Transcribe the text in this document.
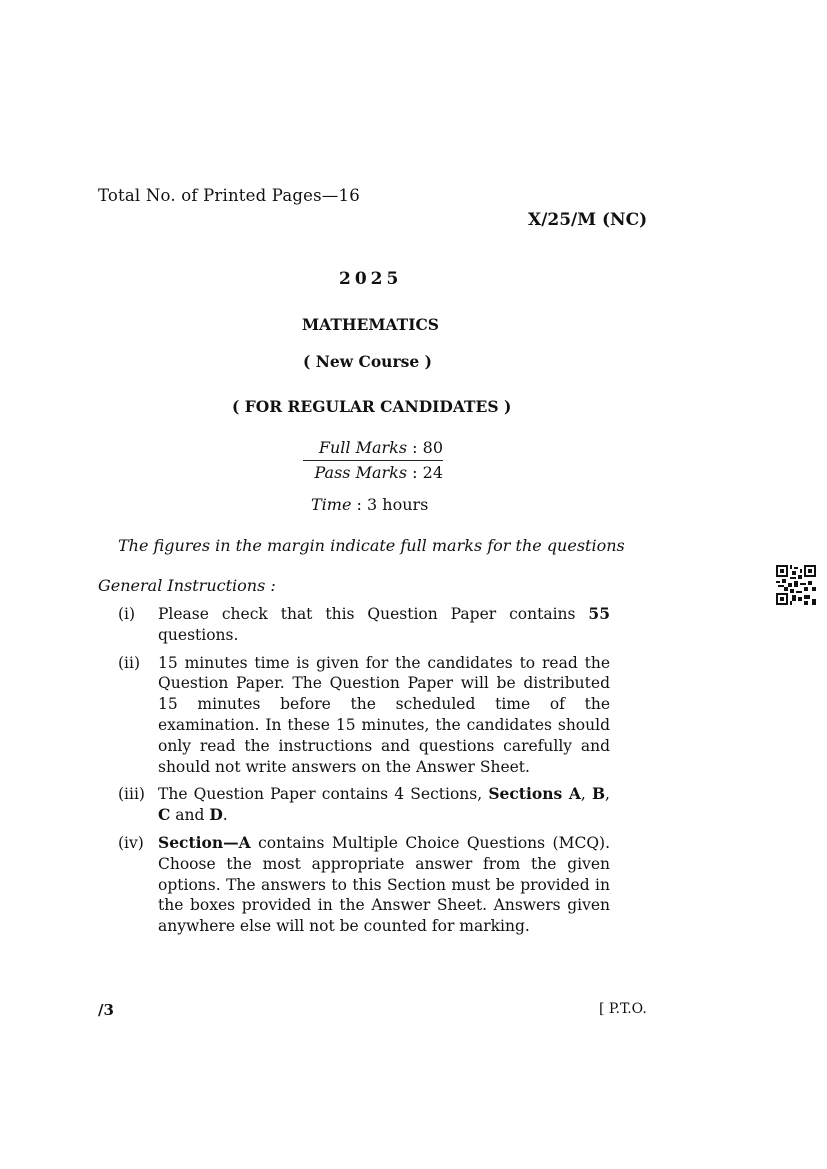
Total No. of Printed Pages—16
X/25/M (NC)
2025
MATHEMATICS
( New Course )
( FOR REGULAR CANDIDATES )
Full Marks : 80
Pass Marks : 24
Time : 3 hours
The figures in the margin indicate full marks for the questions
General Instructions :
(i)	Please check that this Question Paper contains 55 questions.
(ii)	15 minutes time is given for the candidates to read the Question Paper. The Question Paper will be distributed 15 minutes before the scheduled time of the examination. In these 15 minutes, the candidates should only read the instructions and questions carefully and should not write answers on the Answer Sheet.
(iii) The Question Paper contains 4 Sections, Sections A, B, C and D.
(iv) Section—A contains Multiple Choice Questions (MCQ). Choose the most appropriate answer from the given options. The answers to this Section must be provided in the boxes provided in the Answer Sheet. Answers given anywhere else will not be counted for marking.
/3	[ P.T.O.
